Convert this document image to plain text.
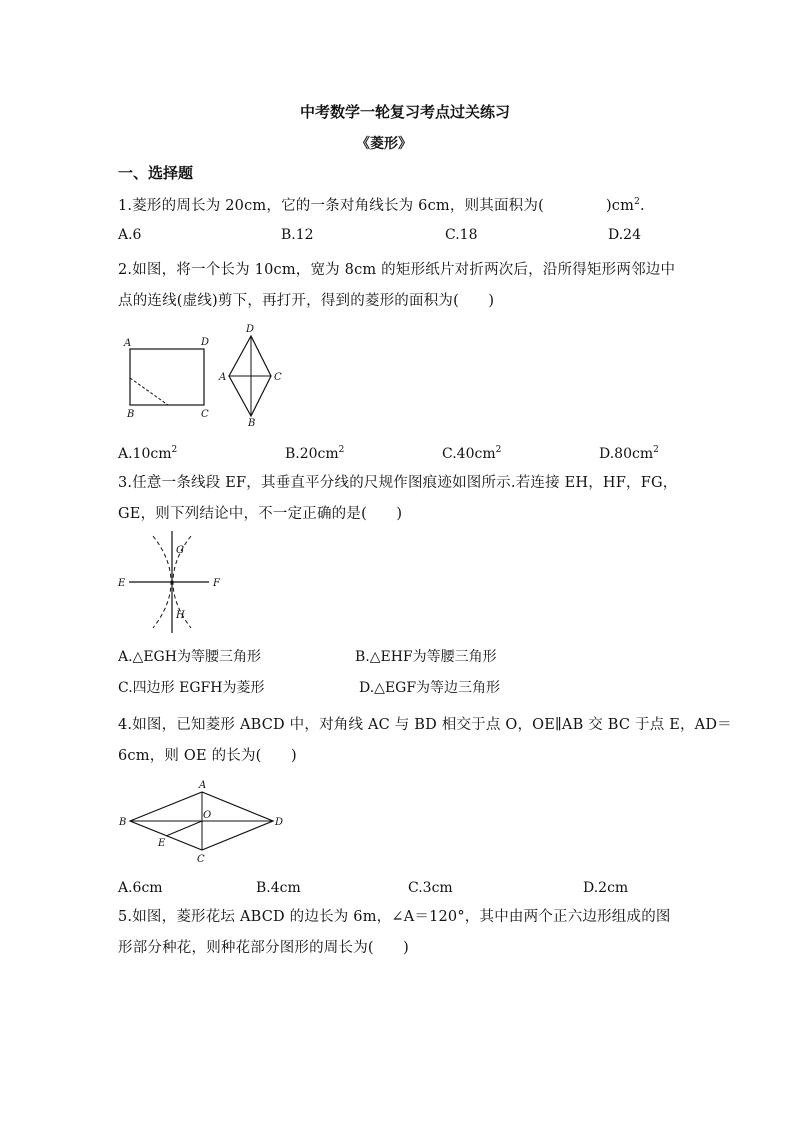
中考数学一轮复习考点过关练习
《菱形》
一、选择题
1.菱形的周长为 20cm，它的一条对角线长为 6cm，则其面积为(	)$cm^2$.
A.6	B.12	C.18	D.24
2.如图，将一个长为 10cm，宽为 8cm 的矩形纸片对折两次后，沿所得矩形两邻边中
点的连线(虚线)剪下，再打开，得到的菱形的面积为(　　)
A	D
B	C
D
A	C
B
$A.10cm^2$	$B.20cm^2$	$C.40cm^2$	$D.80cm^2$
3.任意一条线段 EF，其垂直平分线的尺规作图痕迹如图所示.若连接 EH，HF，FG，
GE，则下列结论中，不一定正确的是(　　)
E	F
G
H
A.△EGH为等腰三角形	B.△EHF为等腰三角形
C.四边形 EGFH为菱形	D.△EGF为等边三角形
4.如图，已知菱形 ABCD 中，对角线 AC 与 BD 相交于点 O，OE∥AB 交 BC 于点 E，AD＝
6cm，则 OE 的长为(　　)
A
B	D
C
O
E
A.6cm	B.4cm	C.3cm	D.2cm
5.如图，菱形花坛 ABCD 的边长为 6m，∠A＝120°，其中由两个正六边形组成的图
形部分种花，则种花部分图形的周长为(　　)
